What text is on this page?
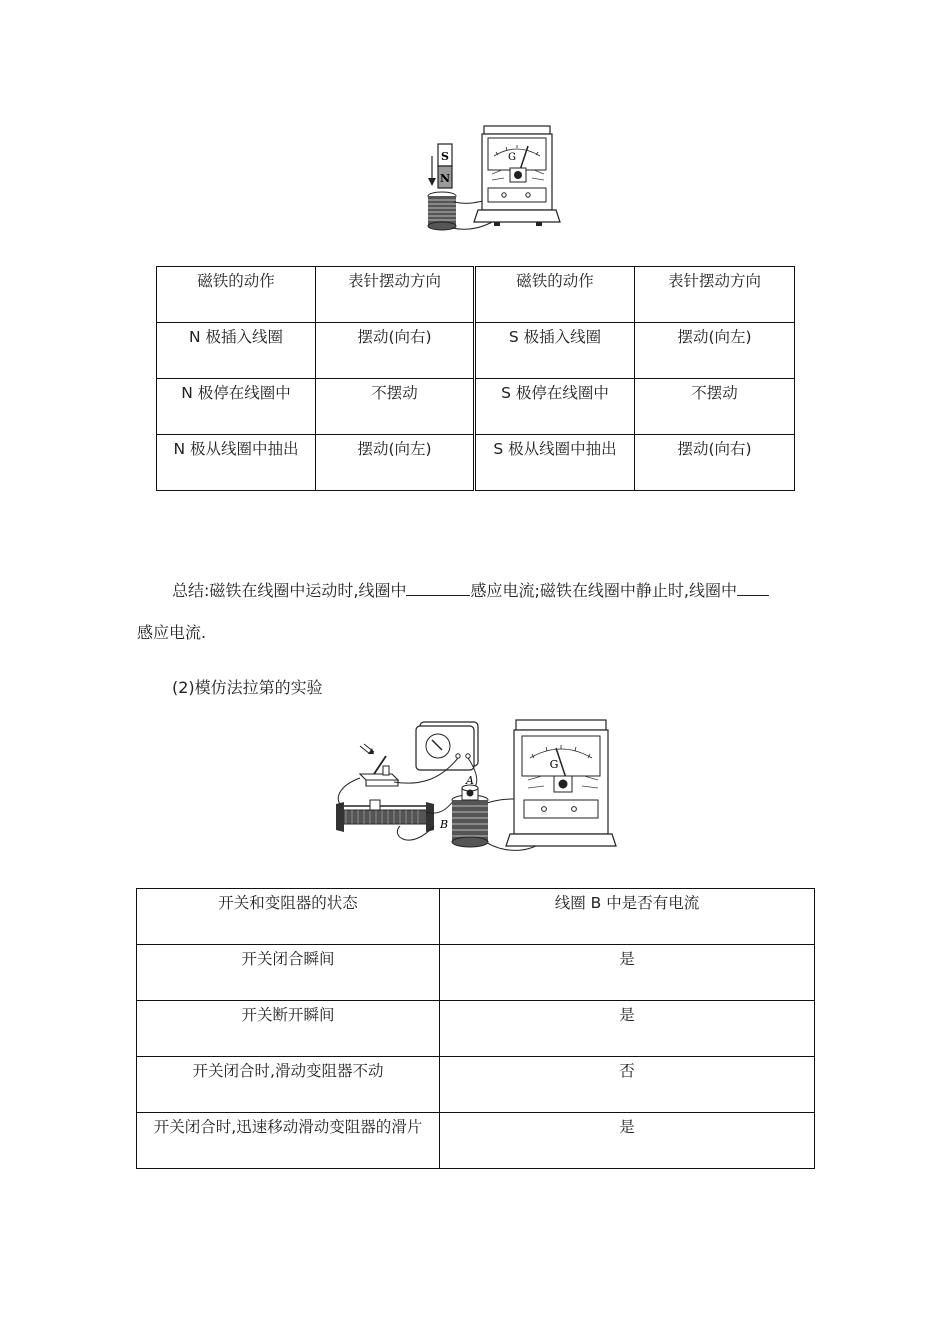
S
N
G
磁铁的动作	表针摆动方向	磁铁的动作	表针摆动方向
N 极插入线圈	摆动(向右)	S 极插入线圈	摆动(向左)
N 极停在线圈中	不摆动	S 极停在线圈中	不摆动
N 极从线圈中抽出	摆动(向左)	S 极从线圈中抽出	摆动(向右)
总结:磁铁在线圈中运动时,线圈中	感应电流;磁铁在线圈中静止时,线圈中
感应电流.
(2)模仿法拉第的实验
A
B
G
开关和变阻器的状态	线圈 B 中是否有电流
开关闭合瞬间	是
开关断开瞬间	是
开关闭合时,滑动变阻器不动	否
开关闭合时,迅速移动滑动变阻器的滑片	是
